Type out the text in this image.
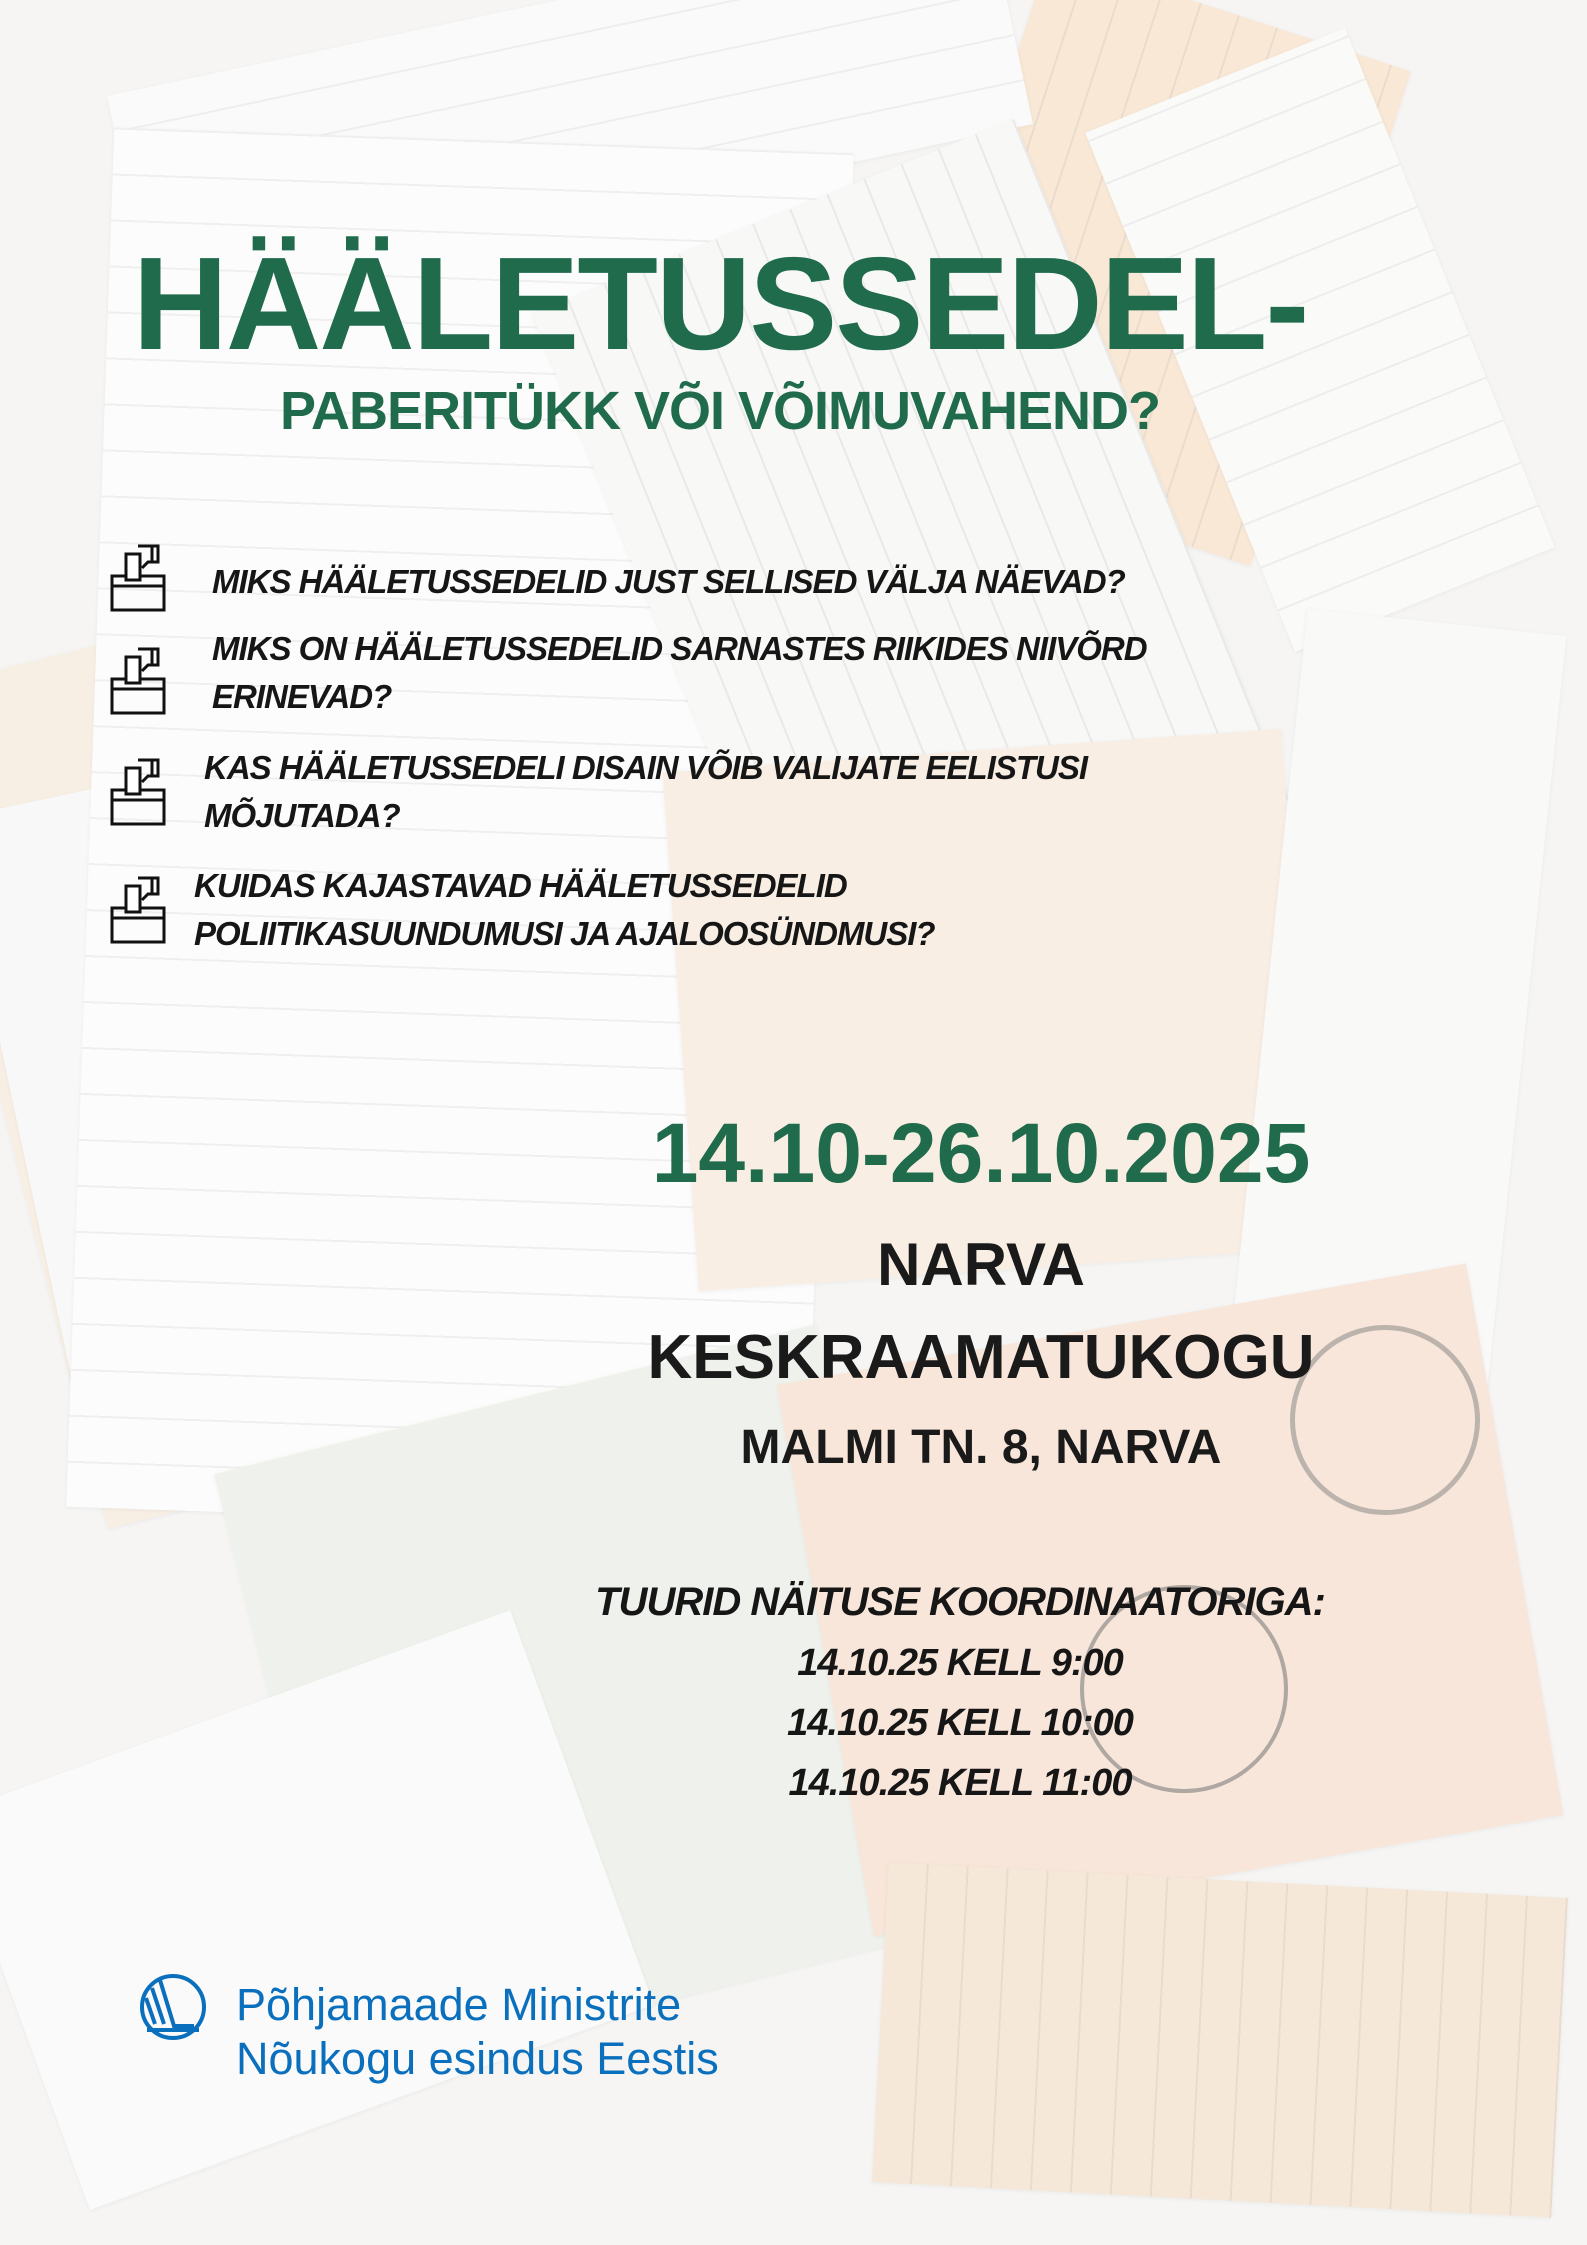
HÄÄLETUSSEDEL-
PABERITÜKK VÕI VÕIMUVAHEND?
MIKS HÄÄLETUSSEDELID JUST SELLISED VÄLJA NÄEVAD?
MIKS ON HÄÄLETUSSEDELID SARNASTES RIIKIDES NIIVÕRD
ERINEVAD?
KAS HÄÄLETUSSEDELI DISAIN VÕIB VALIJATE EELISTUSI
MÕJUTADA?
KUIDAS KAJASTAVAD HÄÄLETUSSEDELID
POLIITIKASUUNDUMUSI JA AJALOOSÜNDMUSI?
14.10-26.10.2025
NARVA
KESKRAAMATUKOGU
MALMI TN. 8, NARVA
TUURID NÄITUSE KOORDINAATORIGA:
14.10.25 KELL 9:00
14.10.25 KELL 10:00
14.10.25 KELL 11:00
Põhjamaade Ministrite
Nõukogu esindus Eestis
